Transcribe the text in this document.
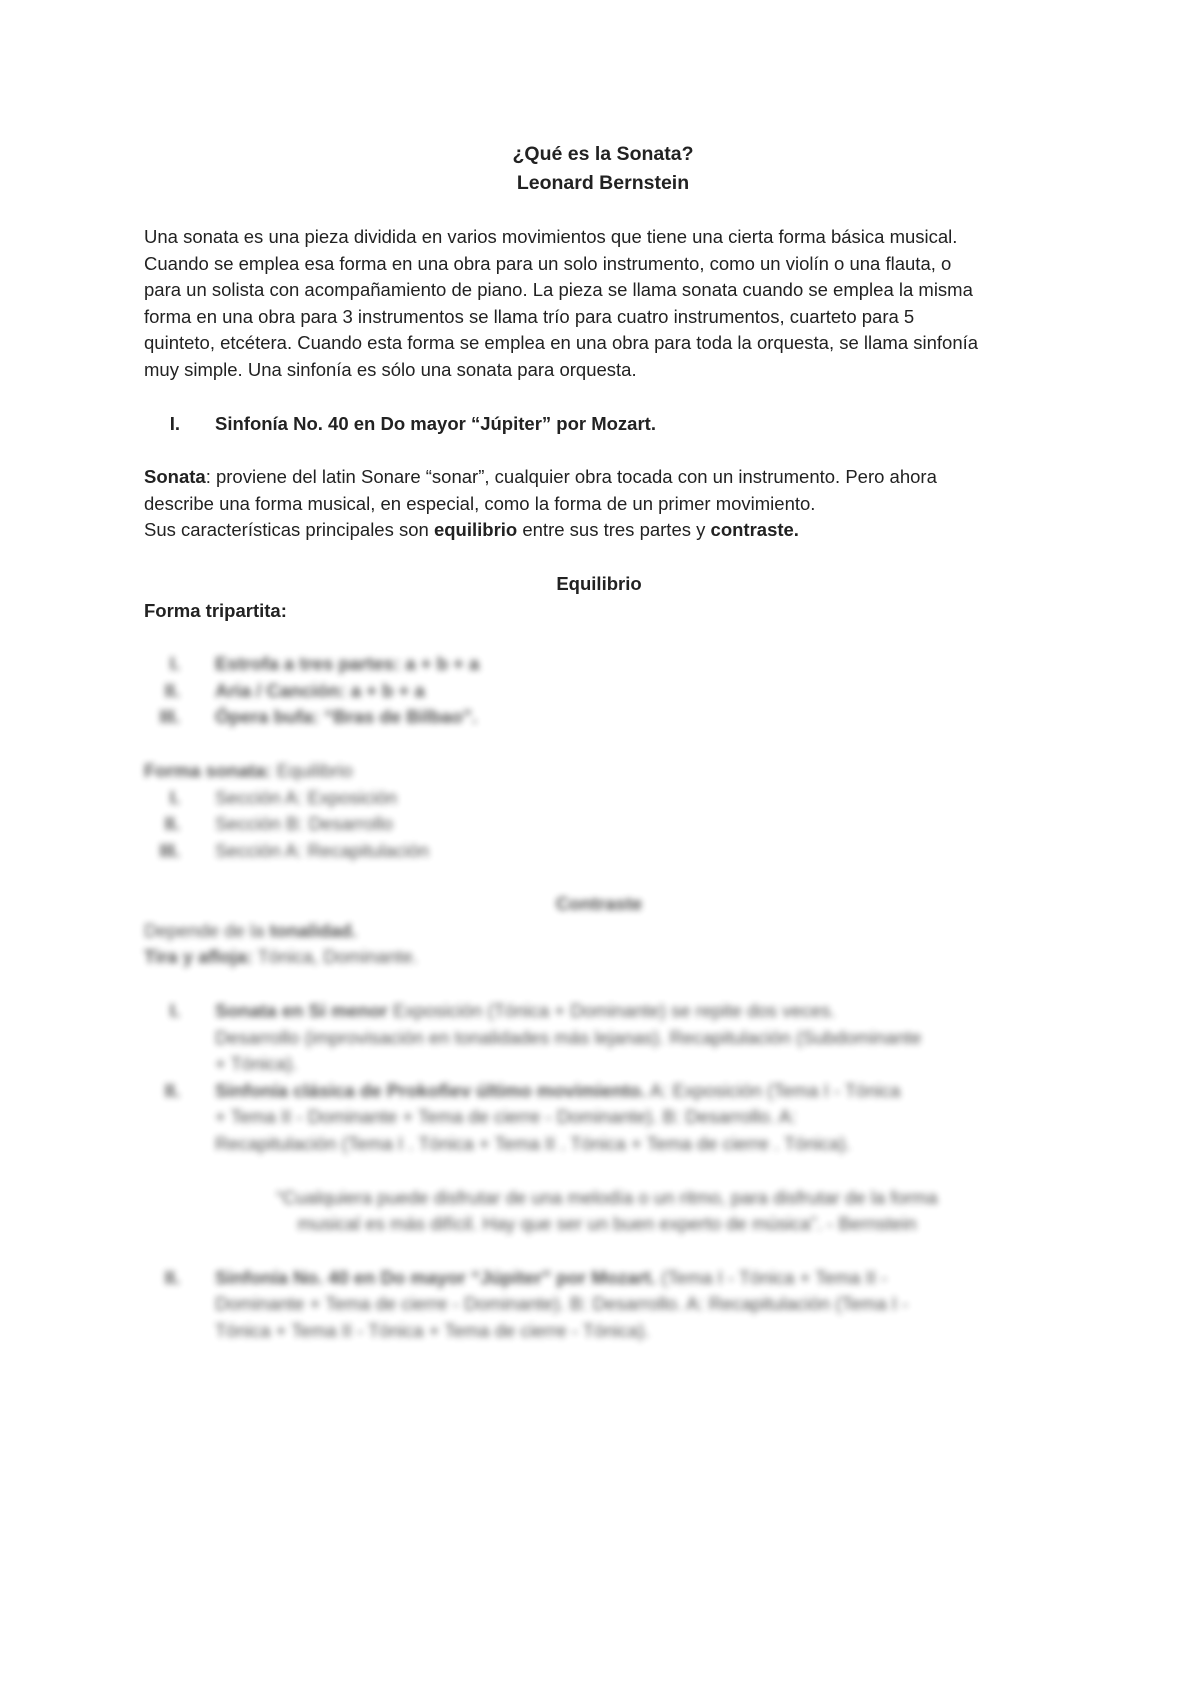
¿Qué es la Sonata?
Leonard Bernstein

Una sonata es una pieza dividida en varios movimientos que tiene una cierta forma básica musical.

Cuando se emplea esa forma en una obra para un solo instrumento, como un violín o una flauta, o

para un solista con acompañamiento de piano. La pieza se llama sonata cuando se emplea la misma

forma en una obra para 3 instrumentos se llama trío para cuatro instrumentos, cuarteto para 5

quinteto, etcétera. Cuando esta forma se emplea en una obra para toda la orquesta, se llama sinfonía

muy simple. Una sinfonía es sólo una sonata para orquesta.

I. Sinfonía No. 40 en Do mayor “Júpiter” por Mozart.

Sonata: proviene del latin Sonare “sonar”, cualquier obra tocada con un instrumento. Pero ahora

describe una forma musical, en especial, como la forma de un primer movimiento.

Sus características principales son equilibrio entre sus tres partes y contraste.

Equilibrio

Forma tripartita:

I. Estrofa a tres partes: a + b + a
II. Aria / Canción: a + b + a
III. Ópera bufa: “Bras de Bilbao”.

Forma sonata: Equilibrio

I. Sección A: Exposición
II. Sección B: Desarrollo
III. Sección A: Recapitulación

Contraste

Depende de la tonalidad.

Tira y afloja: Tónica, Dominante.

I. Sonata en Si menor Exposición (Tónica + Dominante) se repite dos veces.
Desarrollo (improvisación en tonalidades más lejanas). Recapitulación (Subdominante
+ Tónica).
II. Sinfonía clásica de Prokofiev último movimiento. A: Exposición (Tema I - Tónica
+ Tema II - Dominante + Tema de cierre - Dominante). B: Desarrollo. A:
Recapitulación (Tema I . Tónica + Tema II . Tónica + Tema de cierre . Tónica).

“Cualquiera puede disfrutar de una melodía o un ritmo, para disfrutar de la forma

musical es más difícil. Hay que ser un buen experto de música”. - Bernstein

II. Sinfonía No. 40 en Do mayor “Júpiter” por Mozart. (Tema I - Tónica + Tema II -
Dominante + Tema de cierre - Dominante). B: Desarrollo. A: Recapitulación (Tema I -
Tónica + Tema II - Tónica + Tema de cierre - Tónica).
